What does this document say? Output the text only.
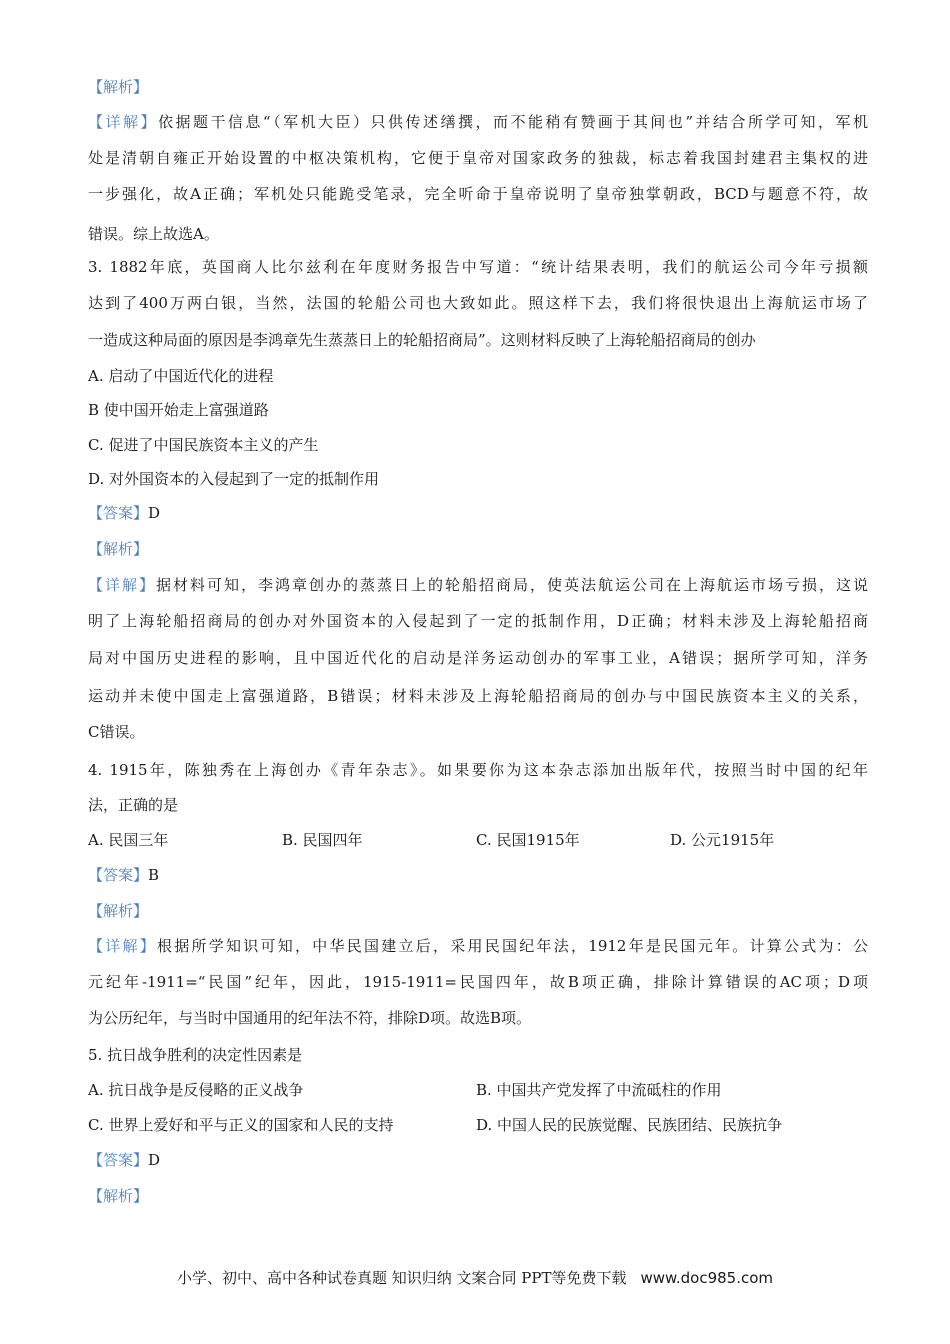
【解析】
【详解】依据题干信息“（军机大臣）只供传述缮撰，而不能稍有赞画于其间也”并结合所学可知，军机
处是清朝自雍正开始设置的中枢决策机构，它便于皇帝对国家政务的独裁，标志着我国封建君主集权的进
一步强化，故A正确；军机处只能跪受笔录，完全听命于皇帝说明了皇帝独掌朝政，BCD与题意不符，故
错误。综上故选A。
3. 1882年底，英国商人比尔兹利在年度财务报告中写道：“统计结果表明，我们的航运公司今年亏损额
达到了400万两白银，当然，法国的轮船公司也大致如此。照这样下去，我们将很快退出上海航运市场了
一造成这种局面的原因是李鸿章先生蒸蒸日上的轮船招商局”。这则材料反映了上海轮船招商局的创办
A. 启动了中国近代化的进程
B 使中国开始走上富强道路
C. 促进了中国民族资本主义的产生
D. 对外国资本的入侵起到了一定的抵制作用
【答案】D
【解析】
【详解】据材料可知，李鸿章创办的蒸蒸日上的轮船招商局，使英法航运公司在上海航运市场亏损，这说
明了上海轮船招商局的创办对外国资本的入侵起到了一定的抵制作用，D正确；材料未涉及上海轮船招商
局对中国历史进程的影响，且中国近代化的启动是洋务运动创办的军事工业，A错误；据所学可知，洋务
运动并未使中国走上富强道路，B错误；材料未涉及上海轮船招商局的创办与中国民族资本主义的关系，
C错误。
4. 1915年，陈独秀在上海创办《青年杂志》。如果要你为这本杂志添加出版年代，按照当时中国的纪年
法，正确的是
A. 民国三年	B. 民国四年	C. 民国1915年	D. 公元1915年
【答案】B
【解析】
【详解】根据所学知识可知，中华民国建立后，采用民国纪年法，1912年是民国元年。计算公式为：公
元纪年-1911=“民国”纪年，因此，1915-1911=民国四年，故B项正确，排除计算错误的AC项；D项
为公历纪年，与当时中国通用的纪年法不符，排除D项。故选B项。
5. 抗日战争胜利的决定性因素是
A. 抗日战争是反侵略的正义战争	B. 中国共产党发挥了中流砥柱的作用
C. 世界上爱好和平与正义的国家和人民的支持	D. 中国人民的民族觉醒、民族团结、民族抗争
【答案】D
【解析】
小学、初中、高中各种试卷真题 知识归纳 文案合同 PPT等免费下载 www.doc985.com
